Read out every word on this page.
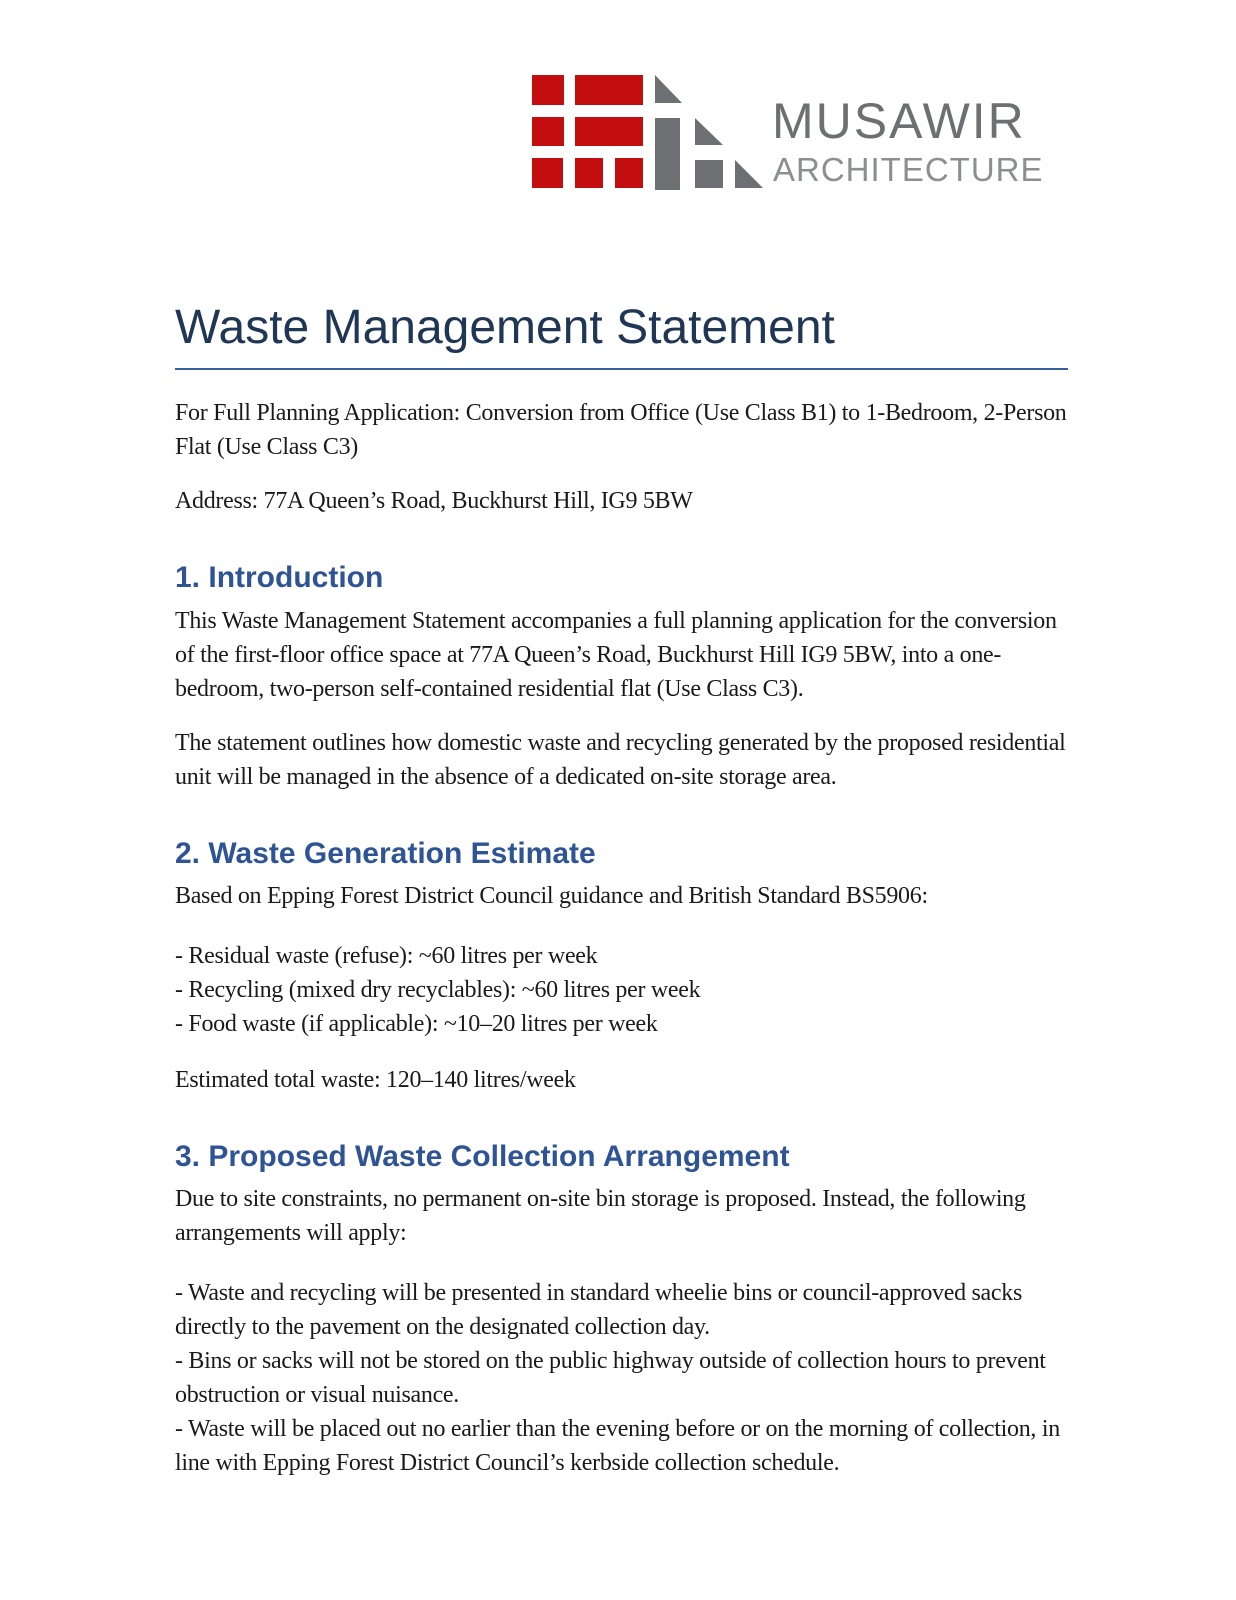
MUSAWIR
ARCHITECTURE
Waste Management Statement

For Full Planning Application: Conversion from Office (Use Class B1) to 1-Bedroom, 2-Person Flat (Use Class C3)

Address: 77A Queen’s Road, Buckhurst Hill, IG9 5BW

1. Introduction

This Waste Management Statement accompanies a full planning application for the conversion of the first-floor office space at 77A Queen’s Road, Buckhurst Hill IG9 5BW, into a one-bedroom, two-person self-contained residential flat (Use Class C3).

The statement outlines how domestic waste and recycling generated by the proposed residential unit will be managed in the absence of a dedicated on-site storage area.

2. Waste Generation Estimate

Based on Epping Forest District Council guidance and British Standard BS5906:

- Residual waste (refuse): ~60 litres per week
- Recycling (mixed dry recyclables): ~60 litres per week
- Food waste (if applicable): ~10–20 litres per week

Estimated total waste: 120–140 litres/week

3. Proposed Waste Collection Arrangement

Due to site constraints, no permanent on-site bin storage is proposed. Instead, the following arrangements will apply:

- Waste and recycling will be presented in standard wheelie bins or council-approved sacks directly to the pavement on the designated collection day.
- Bins or sacks will not be stored on the public highway outside of collection hours to prevent obstruction or visual nuisance.
- Waste will be placed out no earlier than the evening before or on the morning of collection, in line with Epping Forest District Council’s kerbside collection schedule.
